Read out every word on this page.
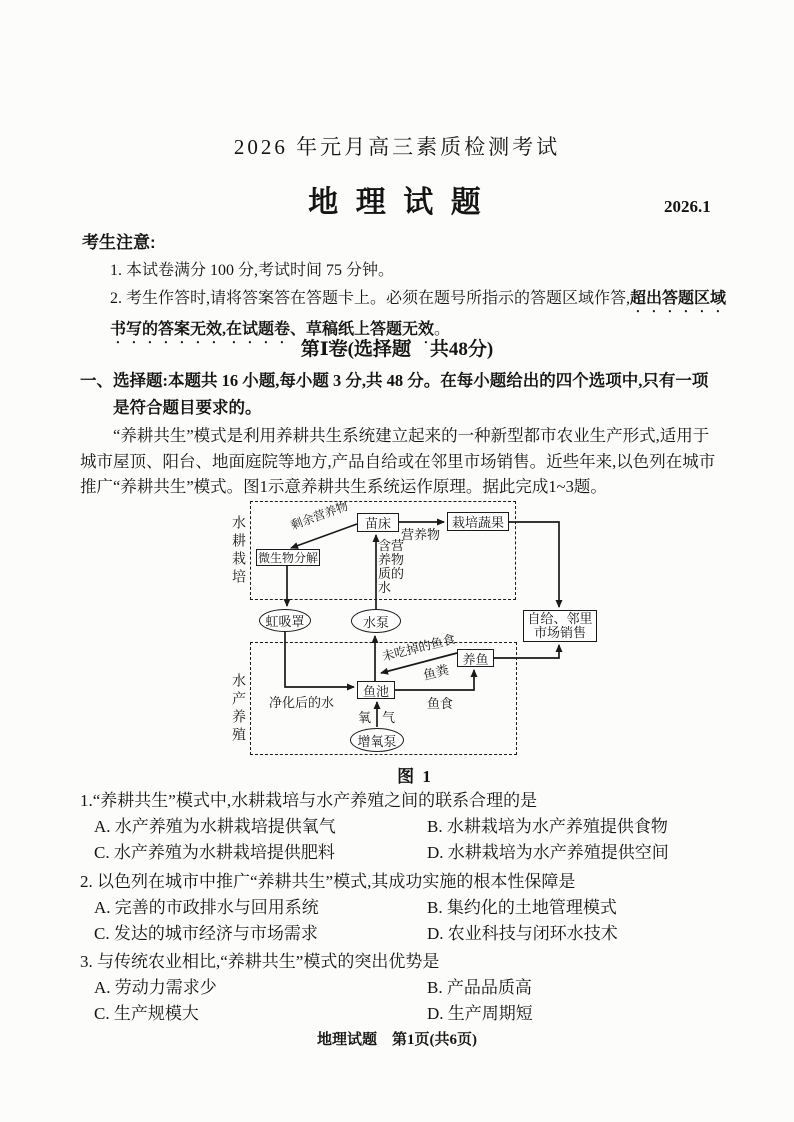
2026 年元月高三素质检测考试
地 理 试 题	2026.1
考生注意:
1. 本试卷满分 100 分,考试时间 75 分钟。
2. 考生作答时,请将答案答在答题卡上。必须在题号所指示的答题区域作答,超出答题区域
书写的答案无效,在试题卷、草稿纸上答题无效。
第Ⅰ卷(选择题　共48分)
一、选择题:本题共 16 小题,每小题 3 分,共 48 分。在每小题给出的四个选项中,只有一项是符合题目要求的。
“养耕共生”模式是利用养耕共生系统建立起来的一种新型都市农业生产形式,适用于城市屋顶、阳台、地面庭院等地方,产品自给或在邻里市场销售。近些年来,以色列在城市推广“养耕共生”模式。图1示意养耕共生系统运作原理。据此完成1~3题。
水耕栽培
水产养殖
苗床	栽培蔬果
微生物分解
虹吸罩	水泵
鱼池
养鱼
增氧泵
自给、邻里市场销售
营养物
剩余营养物
含营养物质的水
净化后的水
未吃掉的鱼食
鱼粪
鱼食
氧 气
图 1
1.“养耕共生”模式中,水耕栽培与水产养殖之间的联系合理的是
A. 水产养殖为水耕栽培提供氧气	B. 水耕栽培为水产养殖提供食物
C. 水产养殖为水耕栽培提供肥料	D. 水耕栽培为水产养殖提供空间
2. 以色列在城市中推广“养耕共生”模式,其成功实施的根本性保障是
A. 完善的市政排水与回用系统	B. 集约化的土地管理模式
C. 发达的城市经济与市场需求	D. 农业科技与闭环水技术
3. 与传统农业相比,“养耕共生”模式的突出优势是
A. 劳动力需求少	B. 产品品质高
C. 生产规模大	D. 生产周期短
地理试题　第1页(共6页)
